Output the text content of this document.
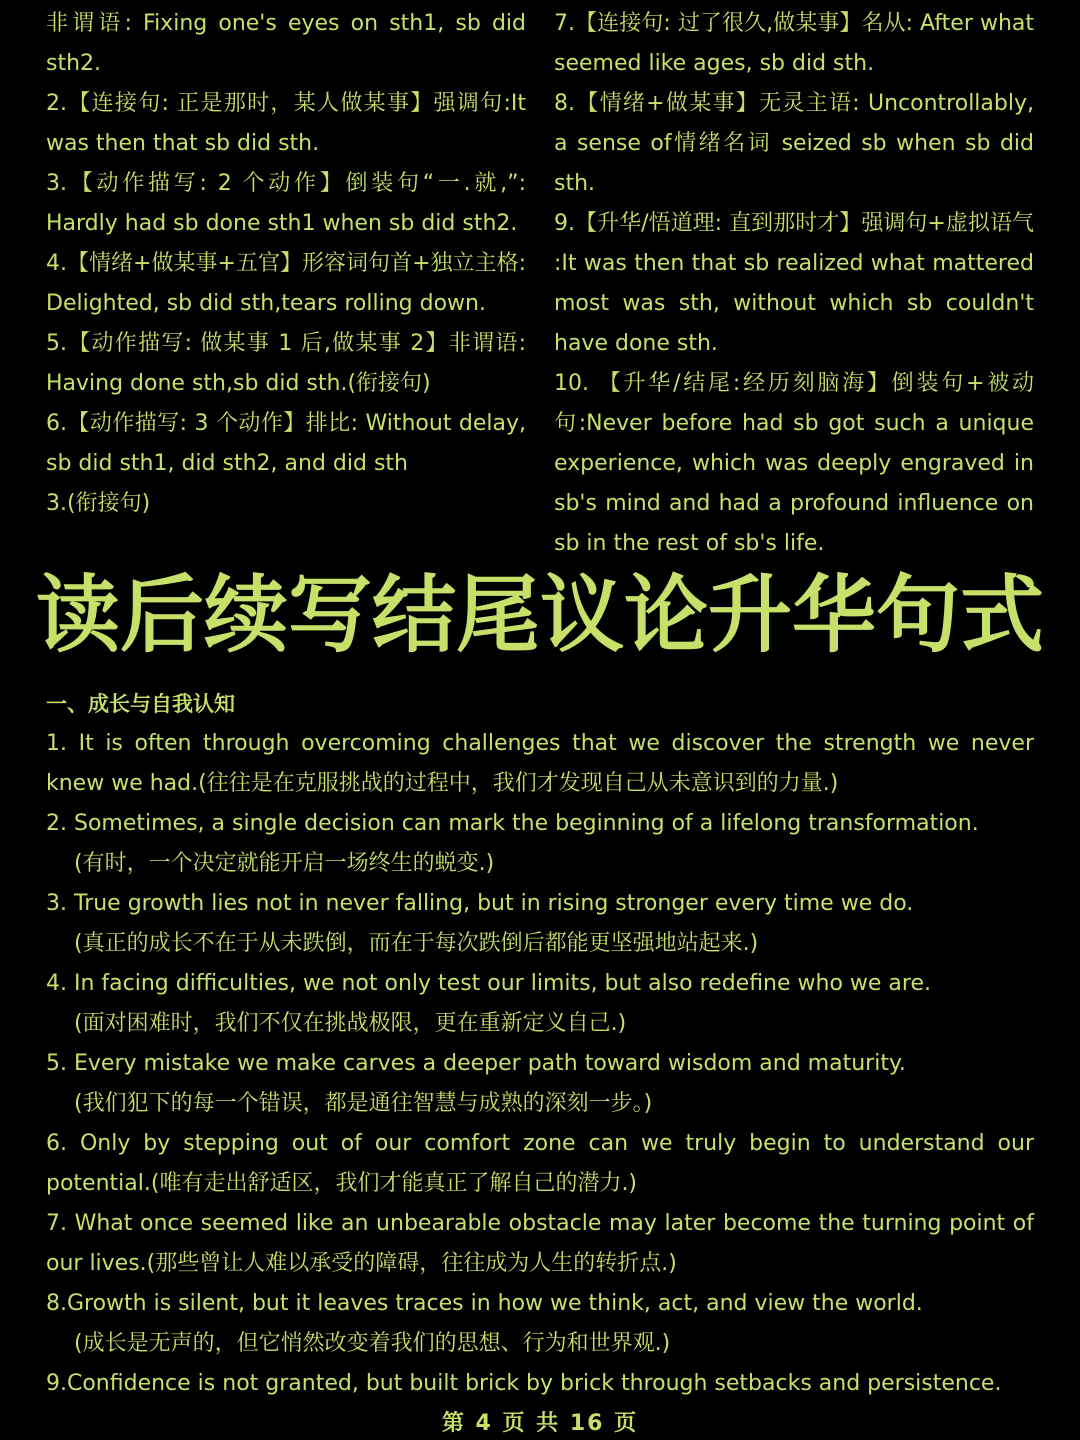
非谓语: Fixing one's eyes on sth1, sb did sth2.

2.【连接句: 正是那时，某人做某事】强调句:It was then that sb did sth.

3.【动作描写: 2 个动作】倒装句“一.就,”: Hardly had sb done sth1 when sb did sth2.

4.【情绪+做某事+五官】形容词句首+独立主格: Delighted, sb did sth,tears rolling down.

5.【动作描写: 做某事 1 后,做某事 2】非谓语: Having done sth,sb did sth.(衔接句)

6.【动作描写: 3 个动作】排比: Without delay, sb did sth1, did sth2, and did sth

3.(衔接句)

7.【连接句: 过了很久,做某事】名从: After what seemed like ages, sb did sth.

8.【情绪+做某事】无灵主语: Uncontrollably, a sense of情绪名词 seized sb when sb did sth.

9.【升华/悟道理: 直到那时才】强调句+虚拟语气 :It was then that sb realized what mattered most was sth, without which sb couldn't have done sth.

10. 【升华/结尾:经历刻脑海】倒装句+被动句:Never before had sb got such a unique experience, which was deeply engraved in sb's mind and had a profound influence on sb in the rest of sb's life.

读后续写结尾议论升华句式

一、成长与自我认知

1. It is often through overcoming challenges that we discover the strength we never knew we had.(往往是在克服挑战的过程中，我们才发现自己从未意识到的力量.)
2. Sometimes, a single decision can mark the beginning of a lifelong transformation.
(有时，一个决定就能开启一场终生的蜕变.)
3. True growth lies not in never falling, but in rising stronger every time we do.
(真正的成长不在于从未跌倒，而在于每次跌倒后都能更坚强地站起来.)
4. In facing difficulties, we not only test our limits, but also redefine who we are.
(面对困难时，我们不仅在挑战极限，更在重新定义自己.)
5. Every mistake we make carves a deeper path toward wisdom and maturity.
(我们犯下的每一个错误，都是通往智慧与成熟的深刻一步。)
6. Only by stepping out of our comfort zone can we truly begin to understand our potential.(唯有走出舒适区，我们才能真正了解自己的潜力.)
7. What once seemed like an unbearable obstacle may later become the turning point of our lives.(那些曾让人难以承受的障碍，往往成为人生的转折点.)
8.Growth is silent, but it leaves traces in how we think, act, and view the world.
(成长是无声的，但它悄然改变着我们的思想、行为和世界观.)
9.Confidence is not granted, but built brick by brick through setbacks and persistence.
第 4 页 共 16 页
